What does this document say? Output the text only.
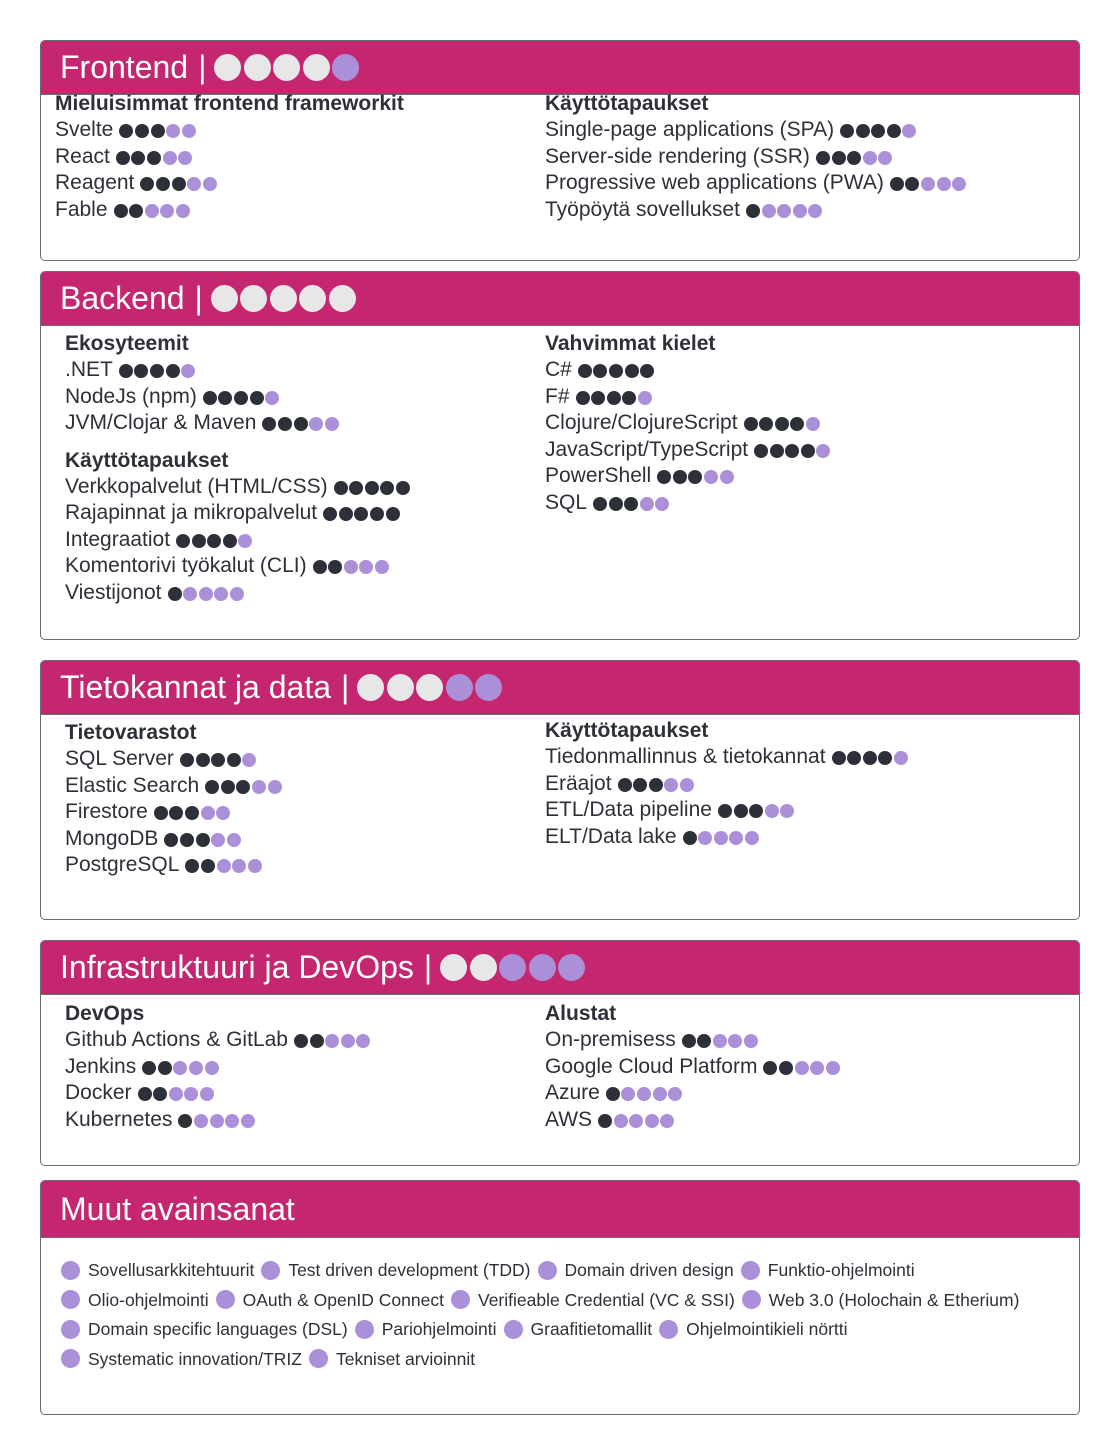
Frontend |
Mieluisimmat frontend frameworkit
Svelte
React
Reagent
Fable
Käyttötapaukset
Single-page applications (SPA)
Server-side rendering (SSR)
Progressive web applications (PWA)
Työpöytä sovellukset
Backend |
Ekosyteemit
.NET
NodeJs (npm)
JVM/Clojar & Maven
Käyttötapaukset
Verkkopalvelut (HTML/CSS)
Rajapinnat ja mikropalvelut
Integraatiot
Komentorivi työkalut (CLI)
Viestijonot
Vahvimmat kielet
C#
F#
Clojure/ClojureScript
JavaScript/TypeScript
PowerShell
SQL
Tietokannat ja data |
Tietovarastot
SQL Server
Elastic Search
Firestore
MongoDB
PostgreSQL
Käyttötapaukset
Tiedonmallinnus & tietokannat
Eräajot
ETL/Data pipeline
ELT/Data lake
Infrastruktuuri ja DevOps |
DevOps
Github Actions & GitLab
Jenkins
Docker
Kubernetes
Alustat
On-premisess
Google Cloud Platform
Azure
AWS
Muut avainsanat
Sovellusarkkitehtuurit Test driven development (TDD) Domain driven design Funktio-ohjelmointi
Olio-ohjelmointi OAuth & OpenID Connect Verifieable Credential (VC & SSI) Web 3.0 (Holochain & Etherium)
Domain specific languages (DSL) Pariohjelmointi Graafitietomallit Ohjelmointikieli nörtti
Systematic innovation/TRIZ Tekniset arvioinnit
